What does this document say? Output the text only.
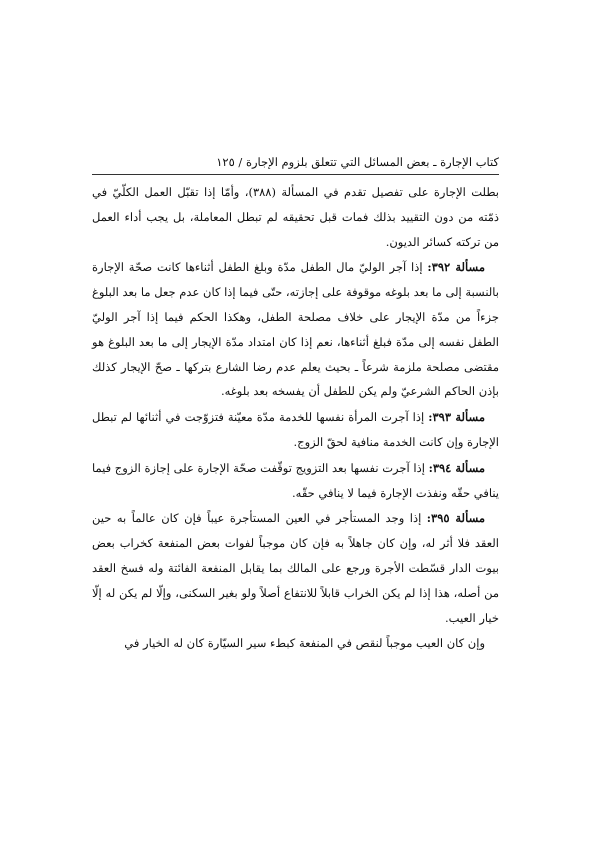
كتاب الإجارة ـ بعض المسائل التي تتعلق بلزوم الإجارة / ١٢٥

بطلت الإجارة على تفصيل تقدم في المسألة (٣٨٨)، وأمّا إذا تقبّل العمل الكلّيّ في ذمّته من دون التقييد بذلك فمات قبل تحقيقه لم تبطل المعاملة، بل يجب أداء العمل من تركته كسائر الديون.

مسألة ٣٩٢: إذا آجر الوليّ مال الطفل مدّة وبلغ الطفل أثناءها كانت صحّة الإجارة بالنسبة إلى ما بعد بلوغه موقوفة على إجازته، حتّى فيما إذا كان عدم جعل ما بعد البلوغ جزءاً من مدّة الإيجار على خلاف مصلحة الطفل، وهكذا الحكم فيما إذا آجر الوليّ الطفل نفسه إلى مدّة فبلغ أثناءها، نعم إذا كان امتداد مدّة الإيجار إلى ما بعد البلوغ هو مقتضى مصلحة ملزمة شرعاً ـ بحيث يعلم عدم رضا الشارع بتركها ـ صحّ الإيجار كذلك بإذن الحاكم الشرعيّ ولم يكن للطفل أن يفسخه بعد بلوغه.

مسألة ٣٩٣: إذا آجرت المرأة نفسها للخدمة مدّة معيّنة فتزوّجت في أثنائها لم تبطل الإجارة وإن كانت الخدمة منافية لحقّ الزوج.

مسألة ٣٩٤: إذا آجرت نفسها بعد التزويج توقّفت صحّة الإجارة على إجازة الزوج فيما ينافي حقّه ونفذت الإجارة فيما لا ينافي حقّه.

مسألة ٣٩٥: إذا وجد المستأجر في العين المستأجرة عيباً فإن كان عالماً به حين العقد فلا أثر له، وإن كان جاهلاً به فإن كان موجباً لفوات بعض المنفعة كخراب بعض بيوت الدار قسّطت الأجرة ورجع على المالك بما يقابل المنفعة الفائتة وله فسخ العقد من أصله، هذا إذا لم يكن الخراب قابلاً للانتفاع أصلاً ولو بغير السكنى، وإلّا لم يكن له إلّا خيار العيب.

وإن كان العيب موجباً لنقص في المنفعة كبطء سير السيّارة كان له الخيار في
